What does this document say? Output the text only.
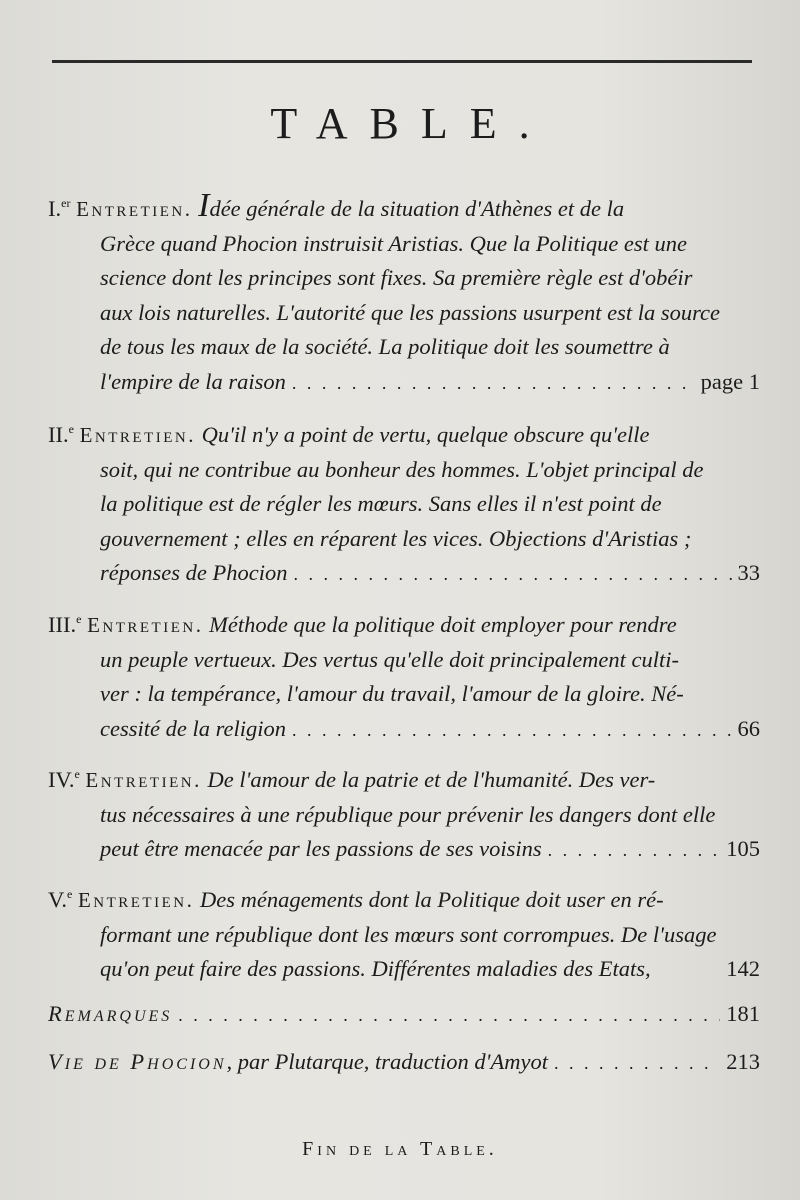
TABLE.
I.$^{er}$ Entretien. Idée générale de la situation d'Athènes et de la
Grèce quand Phocion instruisit Aristias. Que la Politique est une
science dont les principes sont fixes. Sa première règle est d'obéir
aux lois naturelles. L'autorité que les passions usurpent est la source
de tous les maux de la société. La politique doit les soumettre à
l'empire de la raison . . .	page 1
II.$^e$ Entretien. Qu'il n'y a point de vertu, quelque obscure qu'elle
soit, qui ne contribue au bonheur des hommes. L'objet principal de
la politique est de régler les mœurs. Sans elles il n'est point de
gouvernement ; elles en réparent les vices. Objections d'Aristias ;
réponses de Phocion . . .	33
III.$^e$ Entretien. Méthode que la politique doit employer pour rendre
un peuple vertueux. Des vertus qu'elle doit principalement culti-
ver : la tempérance, l'amour du travail, l'amour de la gloire. Né-
cessité de la religion . . .	66
IV.$^e$ Entretien. De l'amour de la patrie et de l'humanité. Des ver-
tus nécessaires à une république pour prévenir les dangers dont elle
peut être menacée par les passions de ses voisins . . .	105
V.$^e$ Entretien. Des ménagements dont la Politique doit user en ré-
formant une république dont les mœurs sont corrompues. De l'usage
qu'on peut faire des passions. Différentes maladies des Etats,	142
Remarques . . .	181
Vie de Phocion, par Plutarque, traduction d'Amyot . . .	213
Fin de la Table.
